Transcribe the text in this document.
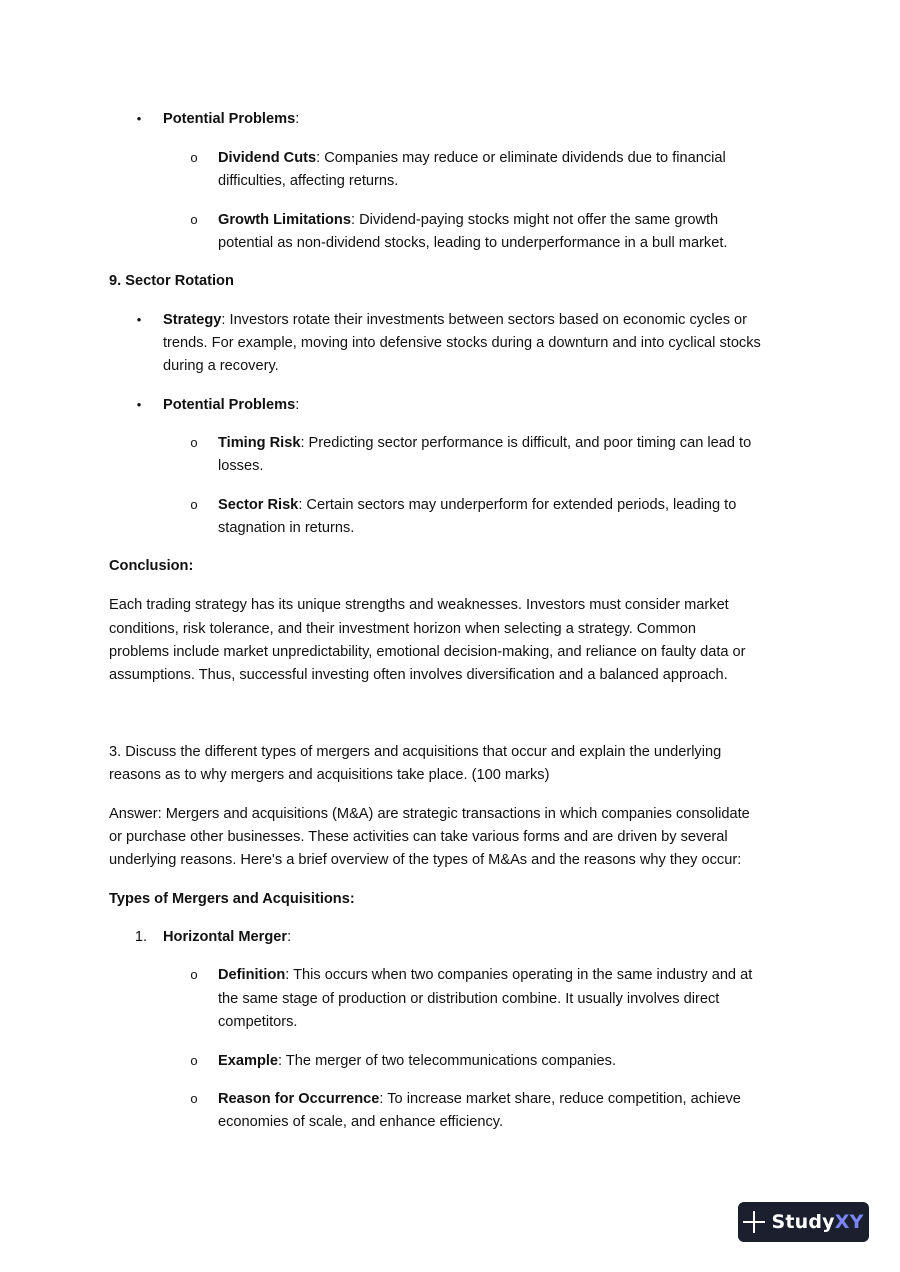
•	Potential Problems:

o	Dividend Cuts: Companies may reduce or eliminate dividends due to financial

difficulties, affecting returns.

o	Growth Limitations: Dividend-paying stocks might not offer the same growth

potential as non-dividend stocks, leading to underperformance in a bull market.

9. Sector Rotation

•	Strategy: Investors rotate their investments between sectors based on economic cycles or

trends. For example, moving into defensive stocks during a downturn and into cyclical stocks

during a recovery.

•	Potential Problems:

o	Timing Risk: Predicting sector performance is difficult, and poor timing can lead to

losses.

o	Sector Risk: Certain sectors may underperform for extended periods, leading to

stagnation in returns.

Conclusion:

Each trading strategy has its unique strengths and weaknesses. Investors must consider market

conditions, risk tolerance, and their investment horizon when selecting a strategy. Common

problems include market unpredictability, emotional decision-making, and reliance on faulty data or

assumptions. Thus, successful investing often involves diversification and a balanced approach.

3. Discuss the different types of mergers and acquisitions that occur and explain the underlying

reasons as to why mergers and acquisitions take place. (100 marks)

Answer: Mergers and acquisitions (M&A) are strategic transactions in which companies consolidate

or purchase other businesses. These activities can take various forms and are driven by several

underlying reasons. Here's a brief overview of the types of M&As and the reasons why they occur:

Types of Mergers and Acquisitions:

1. Horizontal Merger:

o	Definition: This occurs when two companies operating in the same industry and at

the same stage of production or distribution combine. It usually involves direct

competitors.

o	Example: The merger of two telecommunications companies.

o	Reason for Occurrence: To increase market share, reduce competition, achieve

economies of scale, and enhance efficiency.

StudyXY
